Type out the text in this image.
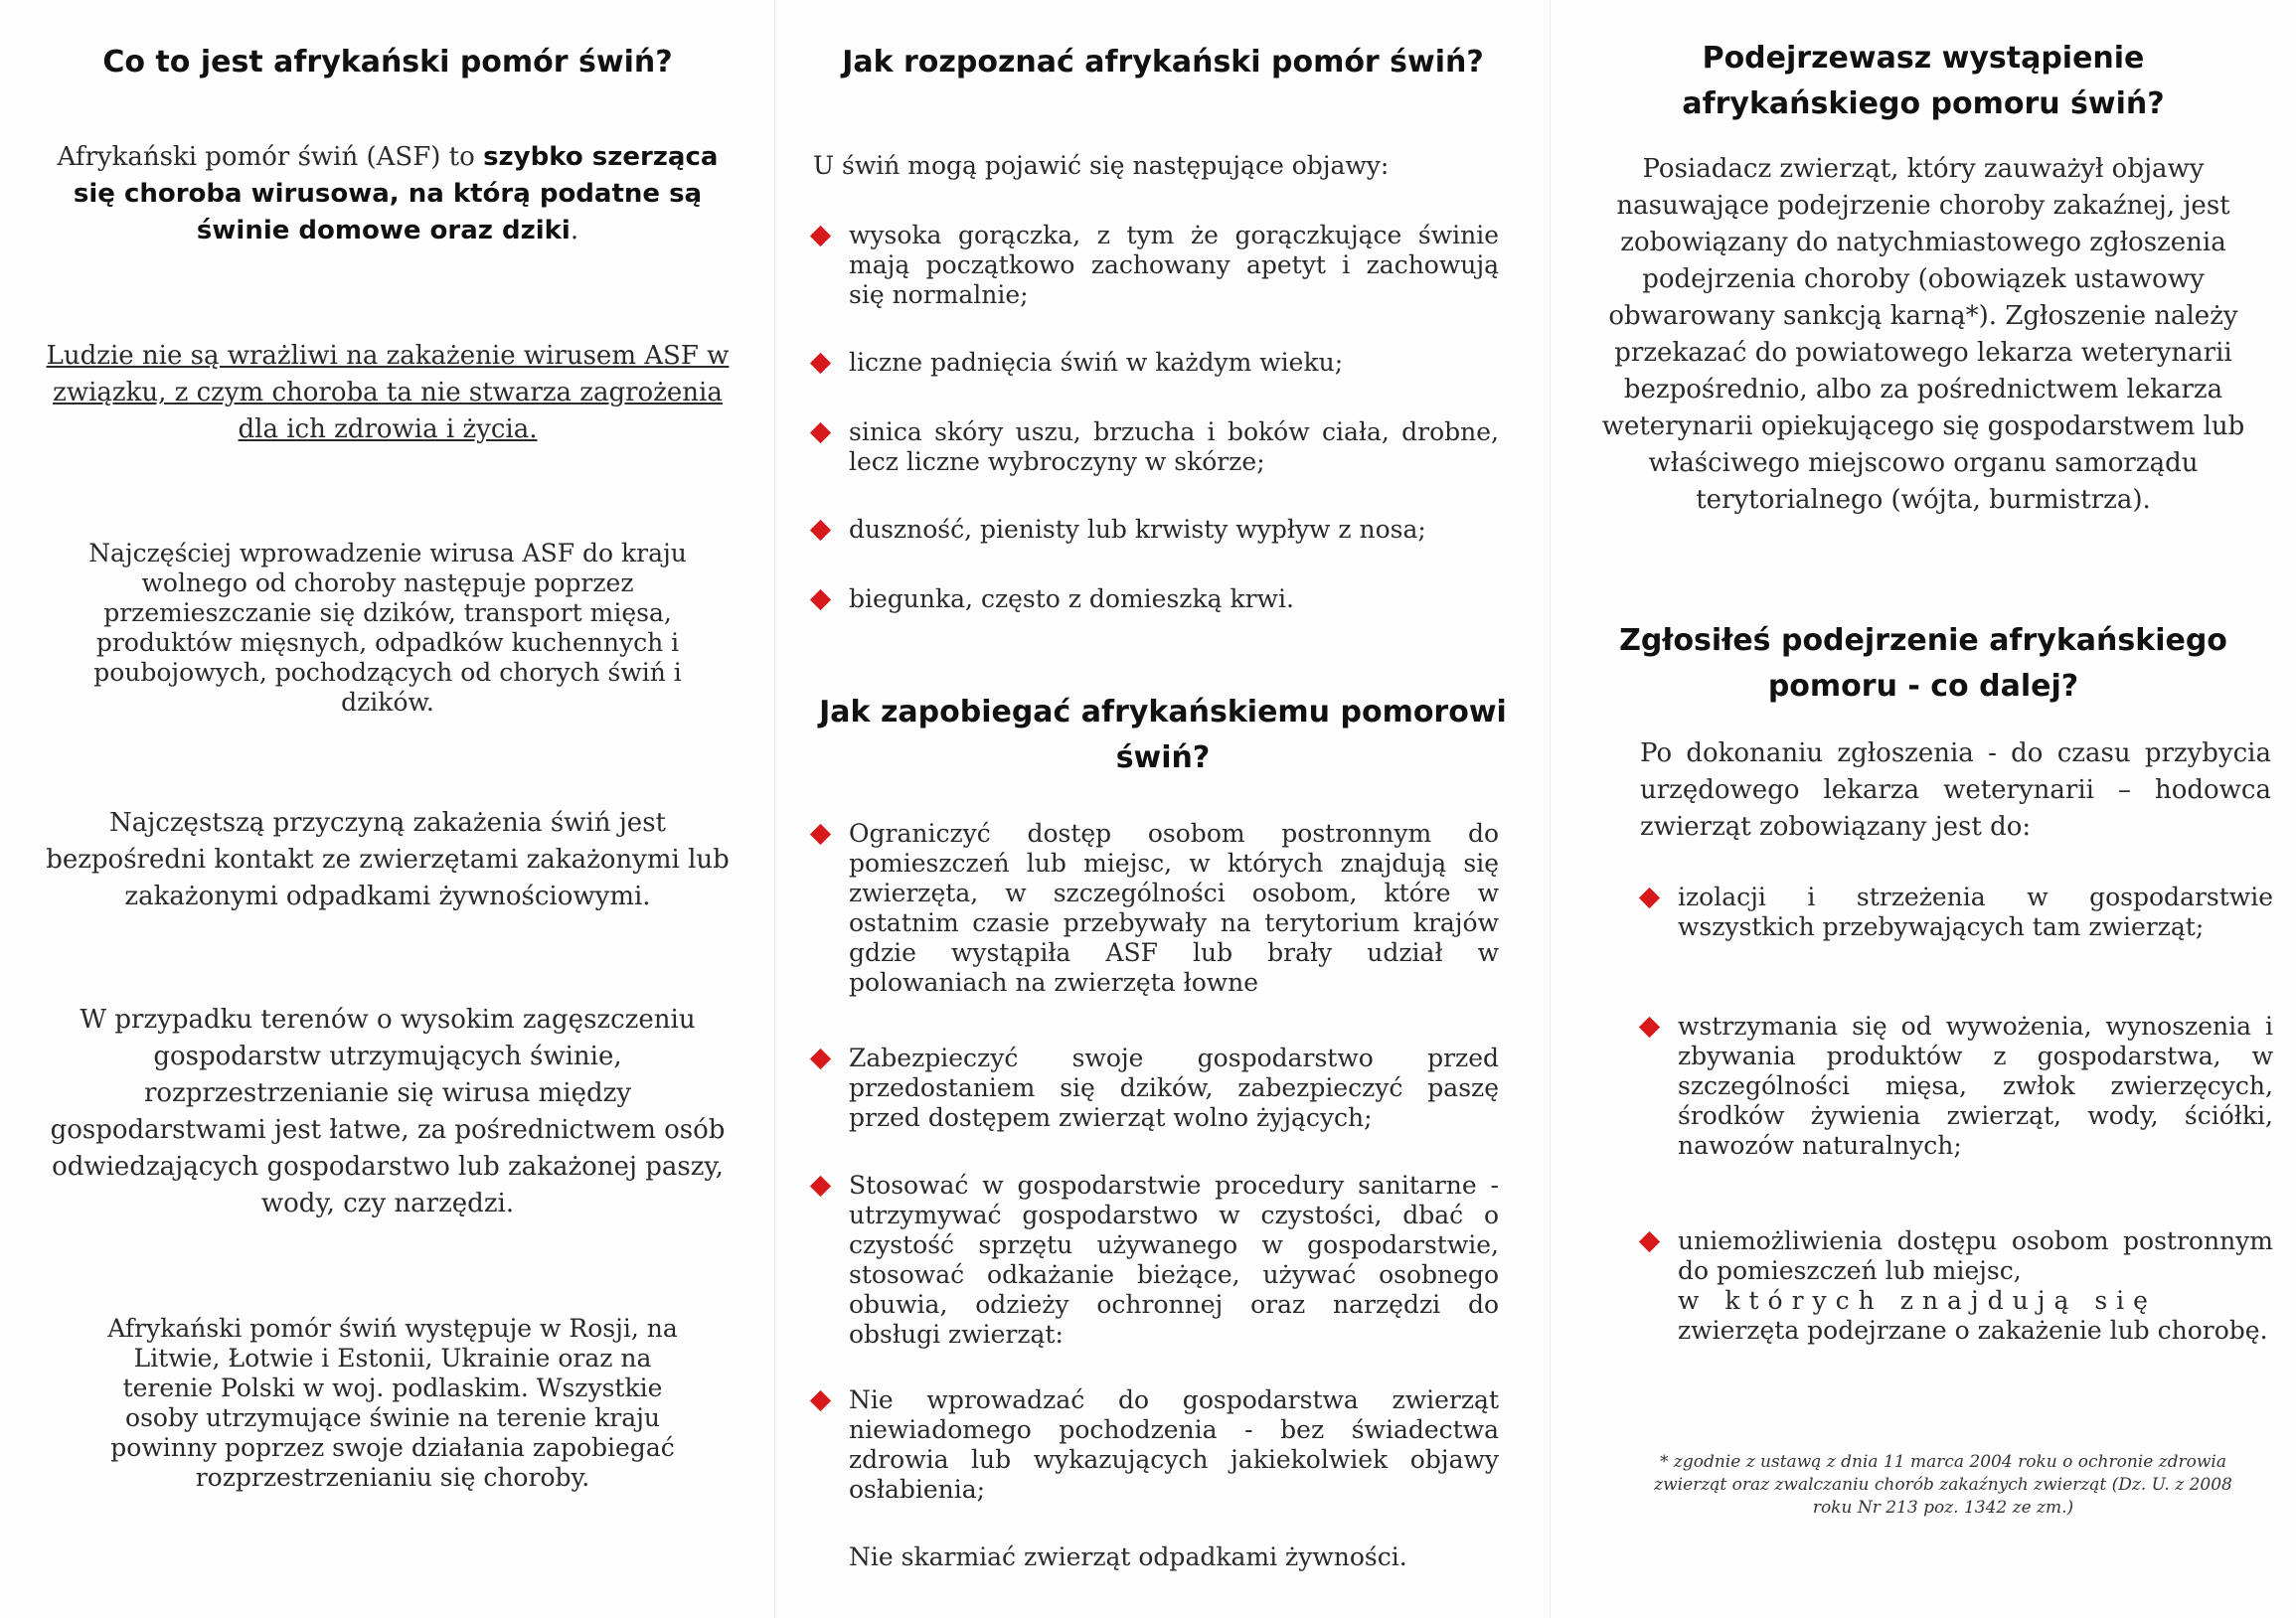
Co to jest afrykański pomór świń?

Afrykański pomór świń (ASF) to szybko szerząca się choroba wirusowa, na którą podatne są świnie domowe oraz dziki.

Ludzie nie są wrażliwi na zakażenie wirusem ASF w związku, z czym choroba ta nie stwarza zagrożenia dla ich zdrowia i życia.

Najczęściej wprowadzenie wirusa ASF do kraju wolnego od choroby następuje poprzez przemieszczanie się dzików, transport mięsa, produktów mięsnych, odpadków kuchennych i poubojowych, pochodzących od chorych świń i dzików.

Najczęstszą przyczyną zakażenia świń jest bezpośredni kontakt ze zwierzętami zakażonymi lub zakażonymi odpadkami żywnościowymi.

W przypadku terenów o wysokim zagęszczeniu gospodarstw utrzymujących świnie, rozprzestrzenianie się wirusa między gospodarstwami jest łatwe, za pośrednictwem osób odwiedzających gospodarstwo lub zakażonej paszy, wody, czy narzędzi.

Afrykański pomór świń występuje w Rosji, na Litwie, Łotwie i Estonii, Ukrainie oraz na terenie Polski w woj. podlaskim. Wszystkie osoby utrzymujące świnie na terenie kraju powinny poprzez swoje działania zapobiegać rozprzestrzenianiu się choroby.

Jak rozpoznać afrykański pomór świń?

U świń mogą pojawić się następujące objawy:

wysoka gorączka, z tym że gorączkujące świnie mają początkowo zachowany apetyt i zachowują się normalnie;
liczne padnięcia świń w każdym wieku;
sinica skóry uszu, brzucha i boków ciała, drobne, lecz liczne wybroczyny w skórze;
duszność, pienisty lub krwisty wypływ z nosa;
biegunka, często z domieszką krwi.
Jak zapobiegać afrykańskiemu pomorowi świń?
Ograniczyć dostęp osobom postronnym do pomieszczeń lub miejsc, w których znajdują się zwierzęta, w szczególności osobom, które w ostatnim czasie przebywały na terytorium krajów gdzie wystąpiła ASF lub brały udział w polowaniach na zwierzęta łowne
Zabezpieczyć swoje gospodarstwo przed przedostaniem się dzików, zabezpieczyć paszę przed dostępem zwierząt wolno żyjących;
Stosować w gospodarstwie procedury sanitarne - utrzymywać gospodarstwo w czystości, dbać o czystość sprzętu używanego w gospodarstwie, stosować odkażanie bieżące, używać osobnego obuwia, odzieży ochronnej oraz narzędzi do obsługi zwierząt:
Nie wprowadzać do gospodarstwa zwierząt niewiadomego pochodzenia - bez świadectwa zdrowia lub wykazujących jakiekolwiek objawy osłabienia;

Nie skarmiać zwierząt odpadkami żywności.

Podejrzewasz wystąpienie afrykańskiego pomoru świń?

Posiadacz zwierząt, który zauważył objawy nasuwające podejrzenie choroby zakaźnej, jest zobowiązany do natychmiastowego zgłoszenia podejrzenia choroby (obowiązek ustawowy obwarowany sankcją karną*). Zgłoszenie należy przekazać do powiatowego lekarza weterynarii bezpośrednio, albo za pośrednictwem lekarza weterynarii opiekującego się gospodarstwem lub właściwego miejscowo organu samorządu terytorialnego (wójta, burmistrza).

Zgłosiłeś podejrzenie afrykańskiego pomoru - co dalej?

Po dokonaniu zgłoszenia - do czasu przybycia urzędowego lekarza weterynarii – hodowca zwierząt zobowiązany jest do:

izolacji i strzeżenia w gospodarstwie wszystkich przebywających tam zwierząt;
wstrzymania się od wywożenia, wynoszenia i zbywania produktów z gospodarstwa, w szczególności mięsa, zwłok zwierzęcych, środków żywienia zwierząt, wody, ściółki, nawozów naturalnych;
uniemożliwienia dostępu osobom postronnym do pomieszczeń lub miejsc,
w których znajdują się
zwierzęta podejrzane o zakażenie lub chorobę.

* zgodnie z ustawą z dnia 11 marca 2004 roku o ochronie zdrowia zwierząt oraz zwalczaniu chorób zakaźnych zwierząt (Dz. U. z 2008 roku Nr 213 poz. 1342 ze zm.)
